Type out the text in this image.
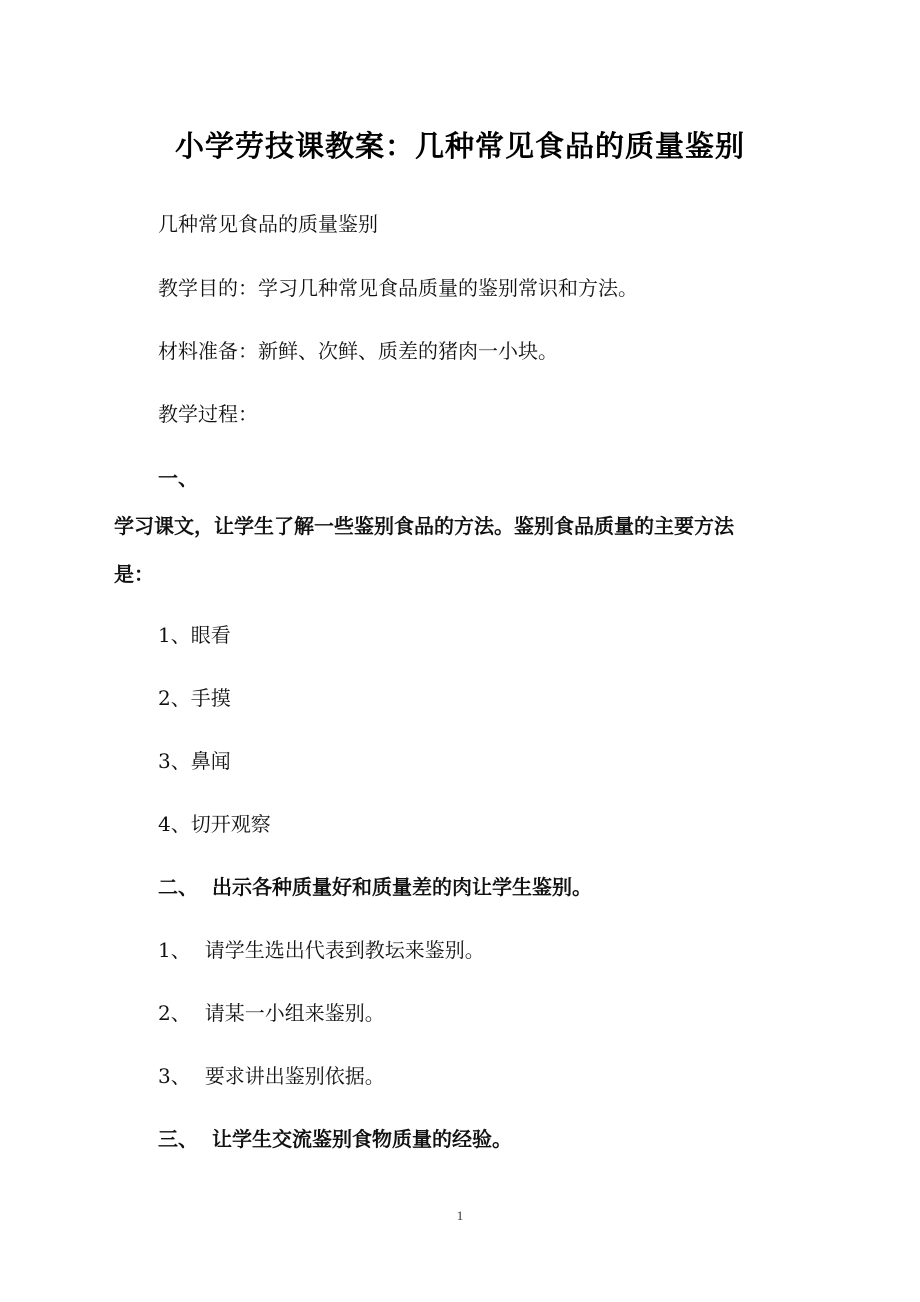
小学劳技课教案：几种常见食品的质量鉴别
几种常见食品的质量鉴别
教学目的：学习几种常见食品质量的鉴别常识和方法。
材料准备：新鲜、次鲜、质差的猪肉一小块。
教学过程：
一、
学习课文，让学生了解一些鉴别食品的方法。鉴别食品质量的主要方法
是：
1、眼看
2、手摸
3、鼻闻
4、切开观察
二、 出示各种质量好和质量差的肉让学生鉴别。
1、 请学生选出代表到教坛来鉴别。
2、 请某一小组来鉴别。
3、 要求讲出鉴别依据。
三、 让学生交流鉴别食物质量的经验。
1
